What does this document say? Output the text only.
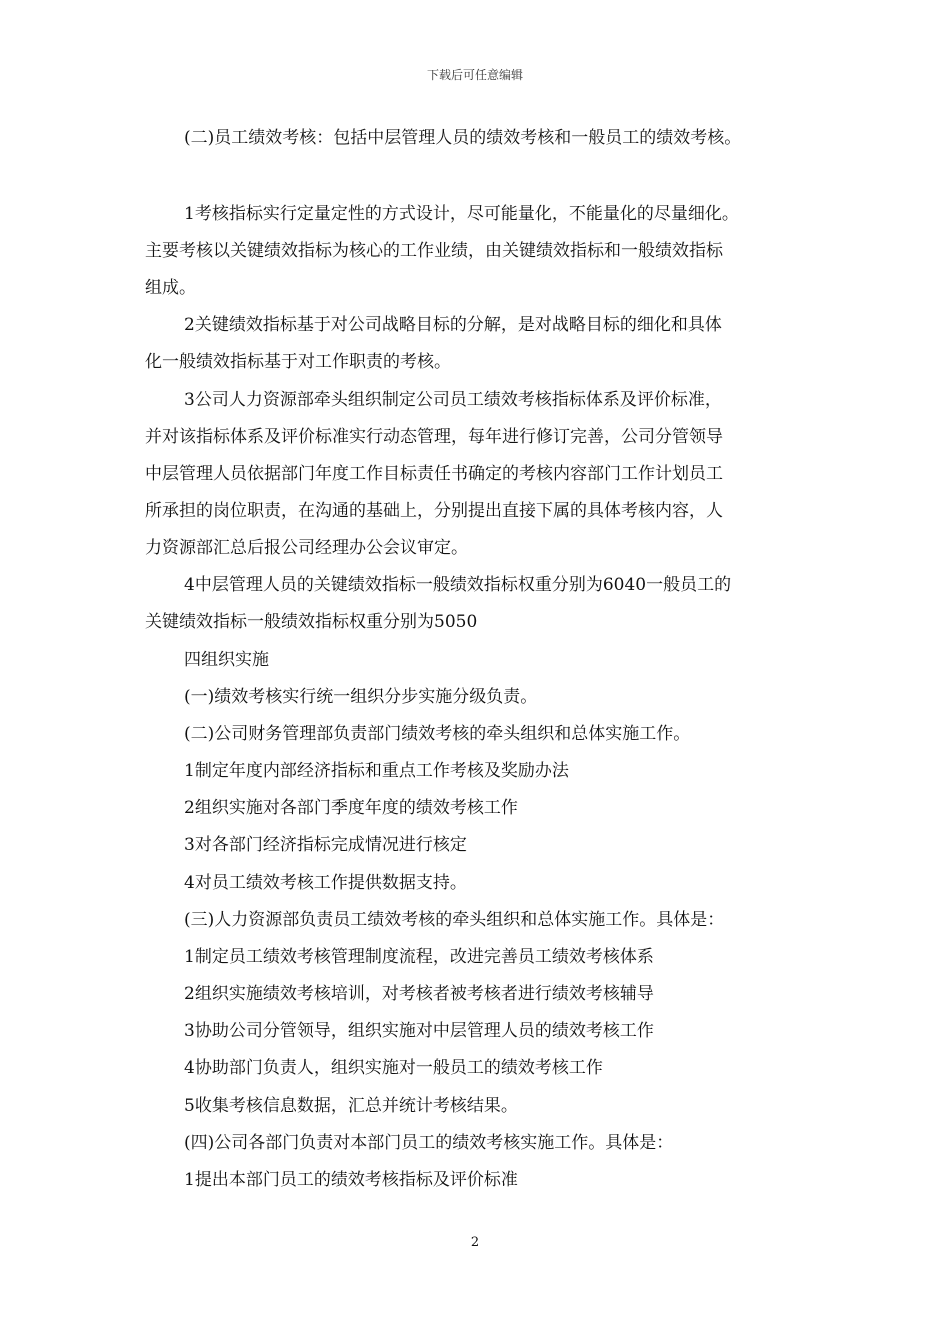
下载后可任意编辑
(二)员工绩效考核：包括中层管理人员的绩效考核和一般员工的绩效考核。
1考核指标实行定量定性的方式设计，尽可能量化，不能量化的尽量细化。
主要考核以关键绩效指标为核心的工作业绩，由关键绩效指标和一般绩效指标
组成。
2关键绩效指标基于对公司战略目标的分解，是对战略目标的细化和具体
化一般绩效指标基于对工作职责的考核。
3公司人力资源部牵头组织制定公司员工绩效考核指标体系及评价标准，
并对该指标体系及评价标准实行动态管理，每年进行修订完善，公司分管领导
中层管理人员依据部门年度工作目标责任书确定的考核内容部门工作计划员工
所承担的岗位职责，在沟通的基础上，分别提出直接下属的具体考核内容，人
力资源部汇总后报公司经理办公会议审定。
4中层管理人员的关键绩效指标一般绩效指标权重分别为6040一般员工的
关键绩效指标一般绩效指标权重分别为5050
四组织实施
(一)绩效考核实行统一组织分步实施分级负责。
(二)公司财务管理部负责部门绩效考核的牵头组织和总体实施工作。
1制定年度内部经济指标和重点工作考核及奖励办法
2组织实施对各部门季度年度的绩效考核工作
3对各部门经济指标完成情况进行核定
4对员工绩效考核工作提供数据支持。
(三)人力资源部负责员工绩效考核的牵头组织和总体实施工作。具体是：
1制定员工绩效考核管理制度流程，改进完善员工绩效考核体系
2组织实施绩效考核培训，对考核者被考核者进行绩效考核辅导
3协助公司分管领导，组织实施对中层管理人员的绩效考核工作
4协助部门负责人，组织实施对一般员工的绩效考核工作
5收集考核信息数据，汇总并统计考核结果。
(四)公司各部门负责对本部门员工的绩效考核实施工作。具体是：
1提出本部门员工的绩效考核指标及评价标准
2
